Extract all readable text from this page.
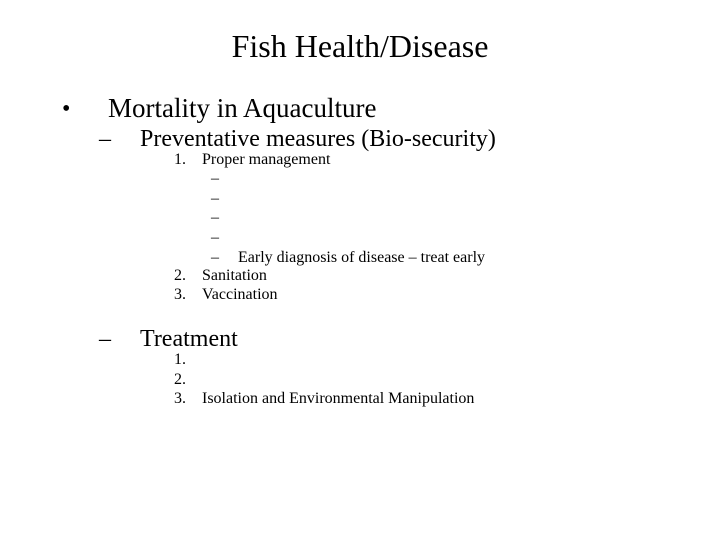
Fish Health/Disease
• Mortality in Aquaculture
– Preventative measures (Bio-security)
1. Proper management
–
–
–
–
– Early diagnosis of disease – treat early
2. Sanitation
3. Vaccination
– Treatment
1.
2.
3. Isolation and Environmental Manipulation
